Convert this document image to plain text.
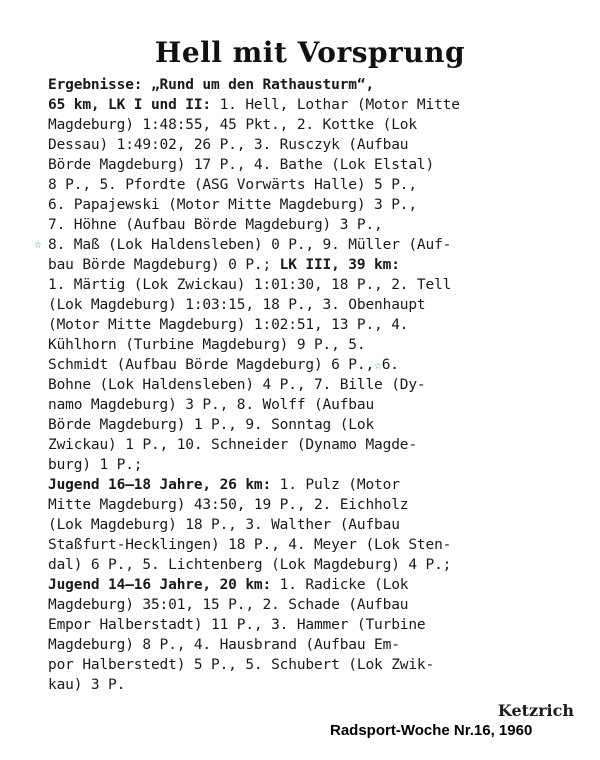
Hell mit Vorsprung
Ergebnisse: „Rund um den Rathausturm“,
65 km, LK I und II: 1. Hell, Lothar (Motor Mitte
Magdeburg) 1:48:55, 45 Pkt., 2. Kottke (Lok
Dessau) 1:49:02, 26 P., 3. Rusczyk (Aufbau
Börde Magdeburg) 17 P., 4. Bathe (Lok Elstal)
8 P., 5. Pfordte (ASG Vorwärts Halle) 5 P.,
6. Papajewski (Motor Mitte Magdeburg) 3 P.,
7. Höhne (Aufbau Börde Magdeburg) 3 P.,
☆ 8. Maß (Lok Haldensleben) 0 P., 9. Müller (Auf-
bau Börde Magdeburg) 0 P.; LK III, 39 km:
1. Märtig (Lok Zwickau) 1:01:30, 18 P., 2. Tell
(Lok Magdeburg) 1:03:15, 18 P., 3. Obenhaupt
(Motor Mitte Magdeburg) 1:02:51, 13 P., 4.
Kühlhorn (Turbine Magdeburg) 9 P., 5.
Schmidt (Aufbau Börde Magdeburg) 6 P.,☆6.
Bohne (Lok Haldensleben) 4 P., 7. Bille (Dy-
namo Magdeburg) 3 P., 8. Wolff (Aufbau
Börde Magdeburg) 1 P., 9. Sonntag (Lok
Zwickau) 1 P., 10. Schneider (Dynamo Magde-
burg) 1 P.;
Jugend 16—18 Jahre, 26 km: 1. Pulz (Motor
Mitte Magdeburg) 43:50, 19 P., 2. Eichholz
(Lok Magdeburg) 18 P., 3. Walther (Aufbau
Staßfurt-Hecklingen) 18 P., 4. Meyer (Lok Sten-
dal) 6 P., 5. Lichtenberg (Lok Magdeburg) 4 P.;
Jugend 14—16 Jahre, 20 km: 1. Radicke (Lok
Magdeburg) 35:01, 15 P., 2. Schade (Aufbau
Empor Halberstadt) 11 P., 3. Hammer (Turbine
Magdeburg) 8 P., 4. Hausbrand (Aufbau Em-
por Halberstedt) 5 P., 5. Schubert (Lok Zwik-
kau) 3 P.
Ketzrich
Radsport-Woche Nr.16, 1960
